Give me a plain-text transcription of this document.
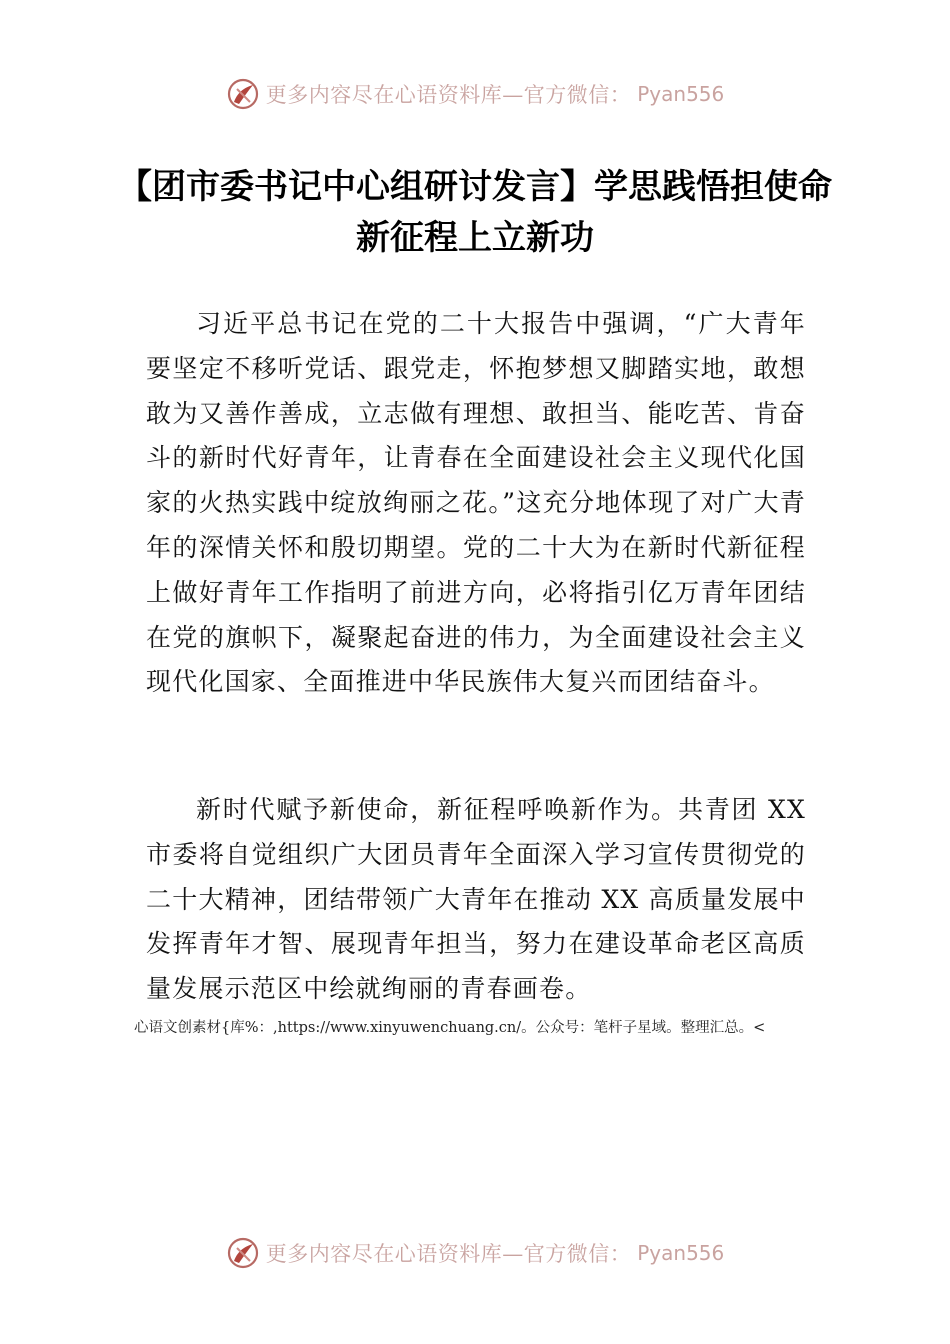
更多内容尽在心语资料库—官方微信： Pyan556
【团市委书记中心组研讨发言】学思践悟担使命 新征程上立新功

习近平总书记在党的二十大报告中强调，“广大青年要坚定不移听党话、跟党走，怀抱梦想又脚踏实地，敢想敢为又善作善成，立志做有理想、敢担当、能吃苦、肯奋斗的新时代好青年，让青春在全面建设社会主义现代化国家的火热实践中绽放绚丽之花。”这充分地体现了对广大青年的深情关怀和殷切期望。党的二十大为在新时代新征程上做好青年工作指明了前进方向，必将指引亿万青年团结在党的旗帜下，凝聚起奋进的伟力，为全面建设社会主义现代化国家、全面推进中华民族伟大复兴而团结奋斗。

新时代赋予新使命，新征程呼唤新作为。共青团 XX 市委将自觉组织广大团员青年全面深入学习宣传贯彻党的二十大精神，团结带领广大青年在推动 XX 高质量发展中发挥青年才智、展现青年担当，努力在建设革命老区高质量发展示范区中绘就绚丽的青春画卷。

心语文创素材{库%：,https://www.xinyuwenchuang.cn/。公众号：笔杆子星域。整理汇总。<

更多内容尽在心语资料库—官方微信： Pyan556
